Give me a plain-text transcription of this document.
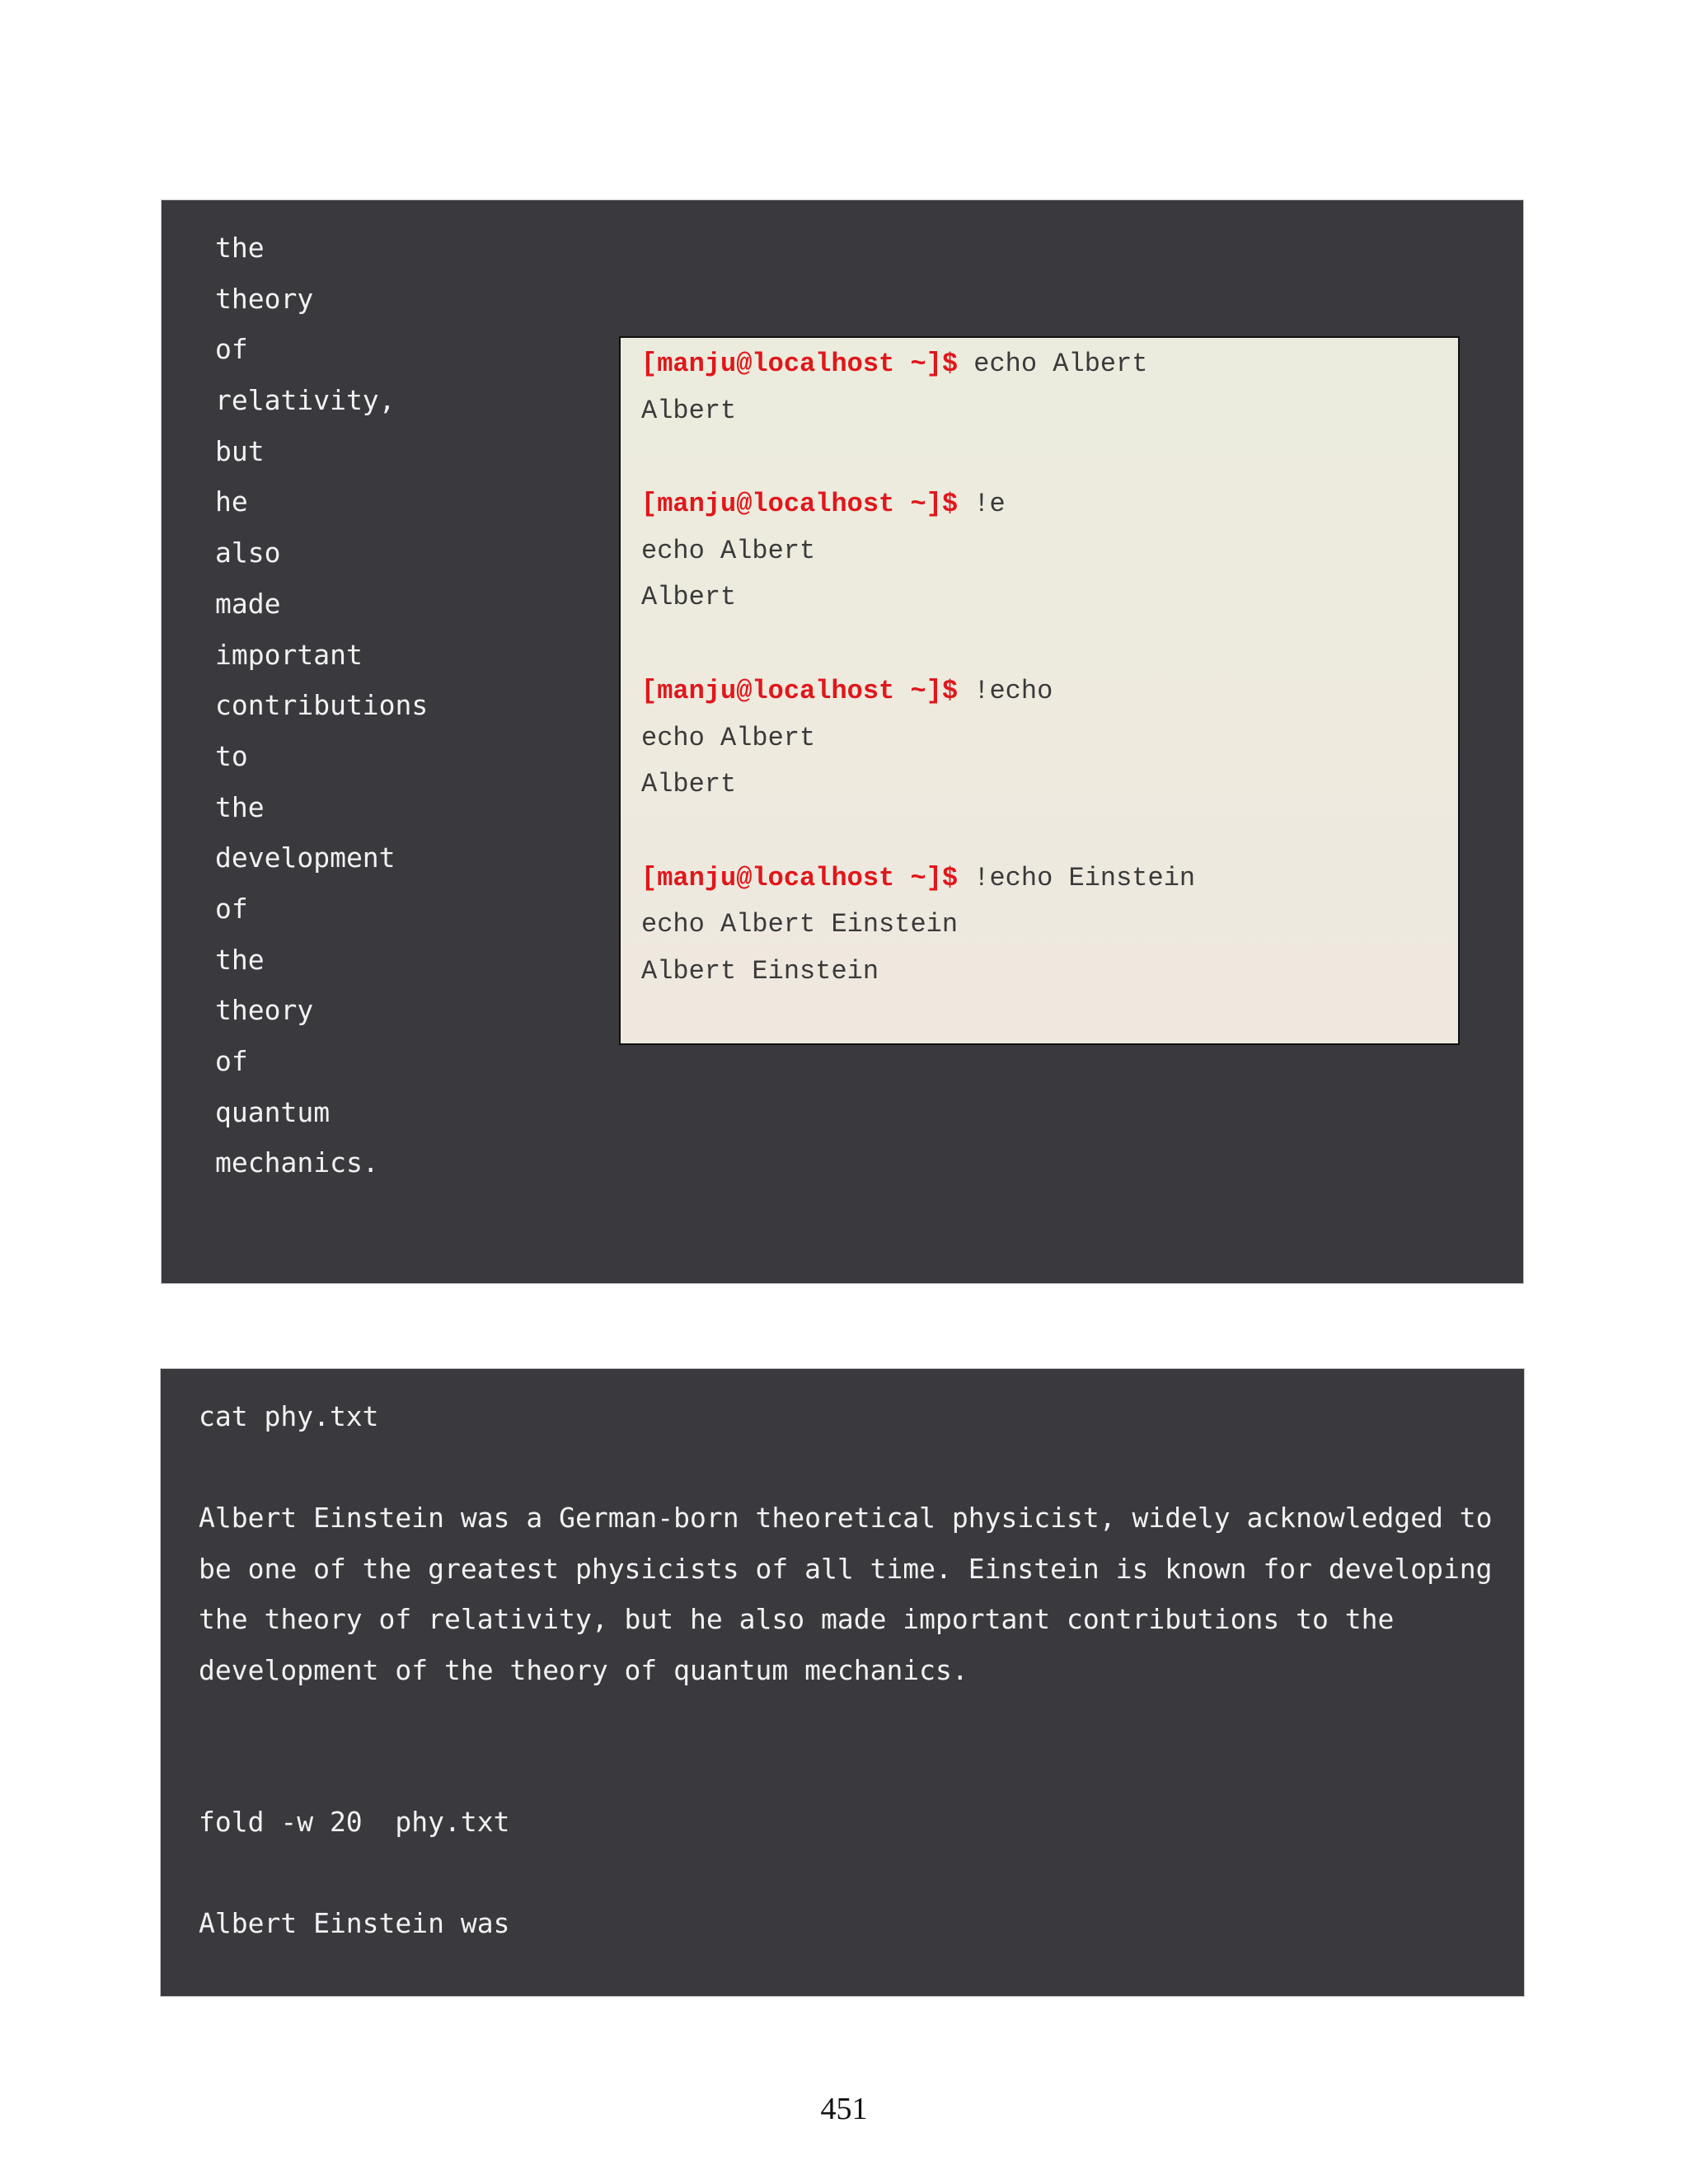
the
theory
of
relativity,
but
he
also
made
important
contributions
to
the
development
of
the
theory
of
quantum
mechanics.
[manju@localhost ~]$ echo Albert
Albert
[manju@localhost ~]$ !e
echo Albert
Albert
[manju@localhost ~]$ !echo
echo Albert
Albert
[manju@localhost ~]$ !echo Einstein
echo Albert Einstein
Albert Einstein
cat phy.txt
Albert Einstein was a German-born theoretical physicist, widely acknowledged to
be one of the greatest physicists of all time. Einstein is known for developing
the theory of relativity, but he also made important contributions to the
development of the theory of quantum mechanics.
fold -w 20  phy.txt
Albert Einstein was
451
